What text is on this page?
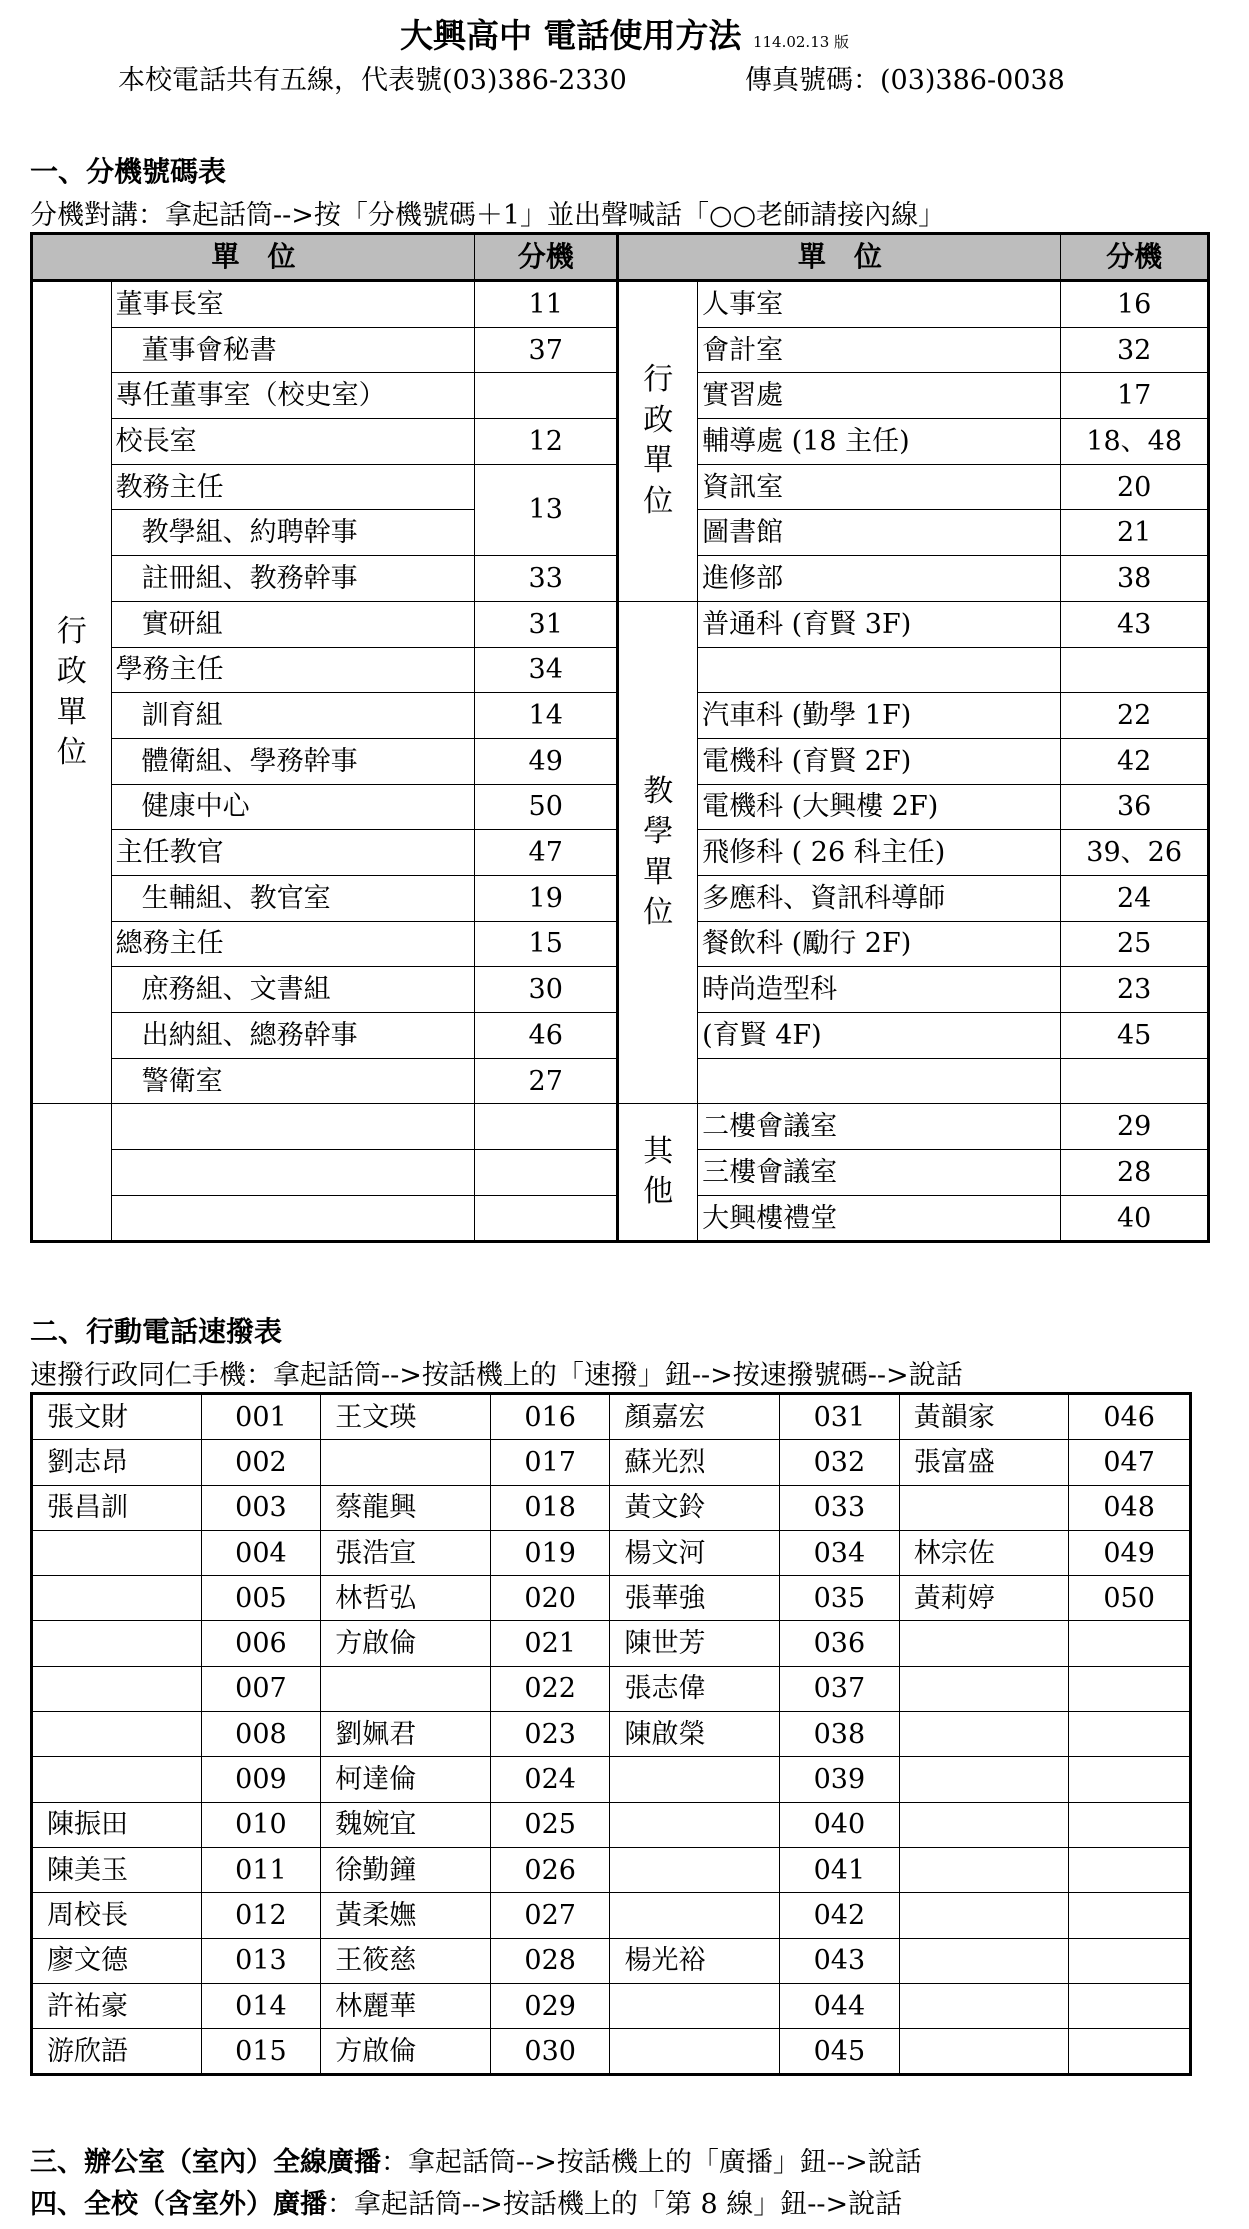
大興高中 電話使用方法 114.02.13 版
本校電話共有五線，代表號(03)386-2330	傳真號碼：(03)386-0038
一、分機號碼表
分機對講：拿起話筒-->按「分機號碼＋1」並出聲喊話「○○老師請接內線」
單　位		分機	單　位		分機
行政單位	董事長室	11	行政單位	人事室	16
	董事會秘書	37		會計室	32
	專任董事室（校史室）			實習處	17
	校長室	12		輔導處 (18 主任)	18、48
	教務主任	13		資訊室	20
	教學組、約聘幹事			圖書館	21
	註冊組、教務幹事	33		進修部	38
	實研組	31	教學單位	普通科 (育賢 3F)	43
	學務主任	34			
	訓育組	14		汽車科 (勤學 1F)	22
	體衛組、學務幹事	49		電機科 (育賢 2F)	42
	健康中心	50		電機科 (大興樓 2F)	36
	主任教官	47		飛修科 ( 26 科主任)	39、26
	生輔組、教官室	19		多應科、資訊科導師	24
	總務主任	15		餐飲科 (勵行 2F)	25
	庶務組、文書組	30		時尚造型科	23
	出納組、總務幹事	46		(育賢 4F)	45
	警衛室	27			
			其他	二樓會議室	29
				三樓會議室	28
				大興樓禮堂	40
二、行動電話速撥表
速撥行政同仁手機：拿起話筒-->按話機上的「速撥」鈕-->按速撥號碼-->說話
張文財	001	王文瑛	016	顏嘉宏	031	黃韻家	046
劉志昂	002		017	蘇光烈	032	張富盛	047
張昌訓	003	蔡龍興	018	黃文鈴	033		048
	004	張浩宣	019	楊文河	034	林宗佐	049
	005	林哲弘	020	張華強	035	黃莉婷	050
	006	方啟倫	021	陳世芳	036		
	007		022	張志偉	037		
	008	劉姵君	023	陳啟榮	038		
	009	柯達倫	024		039		
陳振田	010	魏婉宜	025		040		
陳美玉	011	徐勤鐘	026		041		
周校長	012	黃柔嫵	027		042		
廖文德	013	王筱慈	028	楊光裕	043		
許祐豪	014	林麗華	029		044		
游欣語	015	方啟倫	030		045		
三、辦公室（室內）全線廣播：拿起話筒-->按話機上的「廣播」鈕-->說話
四、全校（含室外）廣播：拿起話筒-->按話機上的「第 8 線」鈕-->說話
